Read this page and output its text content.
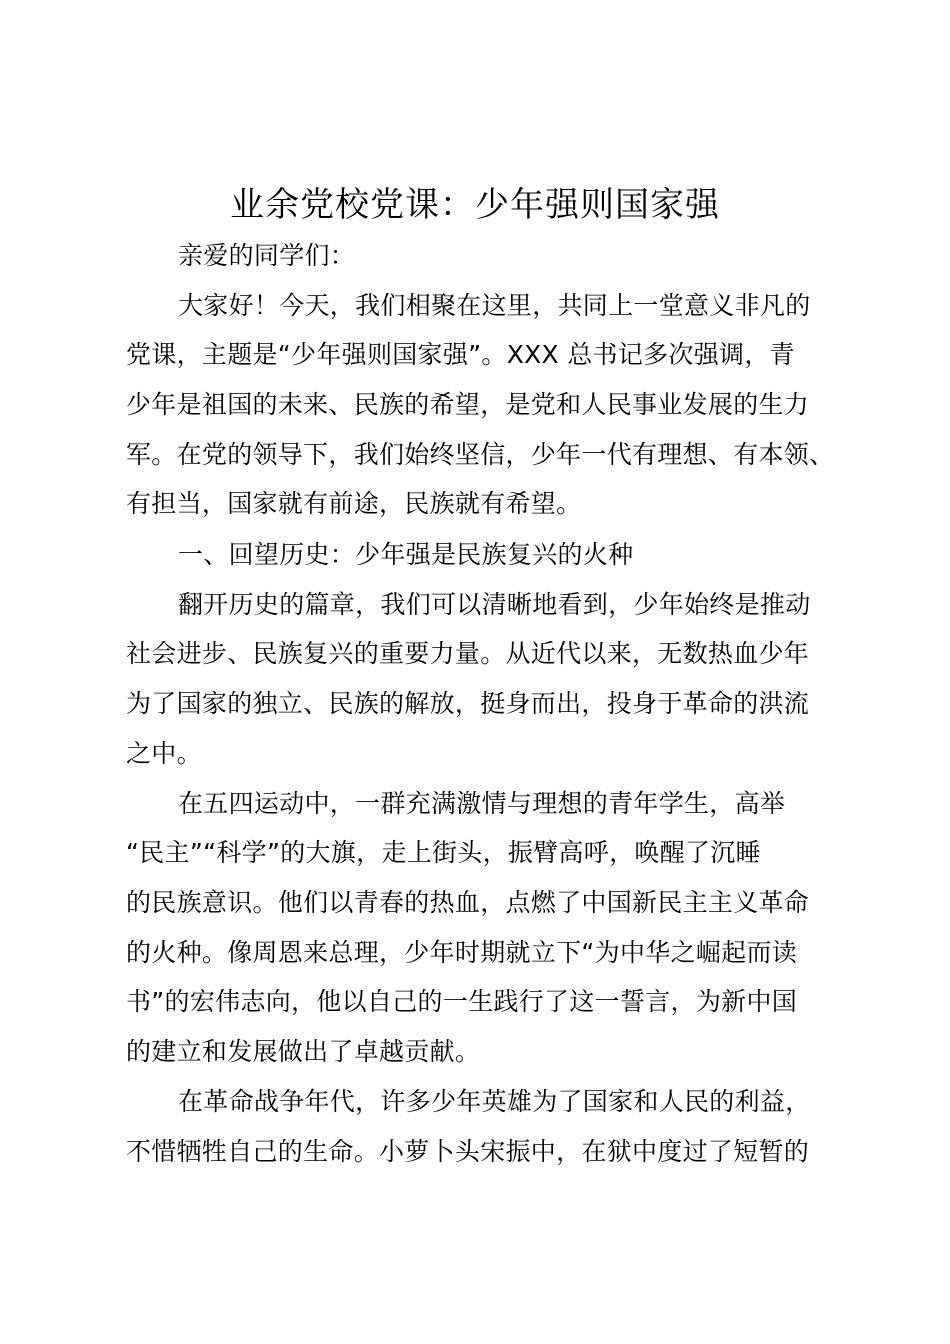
业余党校党课：少年强则国家强
亲爱的同学们：
大家好！今天，我们相聚在这里，共同上一堂意义非凡的
党课，主题是“少年强则国家强”。XXX 总书记多次强调，青
少年是祖国的未来、民族的希望，是党和人民事业发展的生力
军。在党的领导下，我们始终坚信，少年一代有理想、有本领、
有担当，国家就有前途，民族就有希望。
一、回望历史：少年强是民族复兴的火种
翻开历史的篇章，我们可以清晰地看到，少年始终是推动
社会进步、民族复兴的重要力量。从近代以来，无数热血少年
为了国家的独立、民族的解放，挺身而出，投身于革命的洪流
之中。
在五四运动中，一群充满激情与理想的青年学生，高举
“民主”“科学”的大旗，走上街头，振臂高呼，唤醒了沉睡
的民族意识。他们以青春的热血，点燃了中国新民主主义革命
的火种。像周恩来总理，少年时期就立下“为中华之崛起而读
书”的宏伟志向，他以自己的一生践行了这一誓言，为新中国
的建立和发展做出了卓越贡献。
在革命战争年代，许多少年英雄为了国家和人民的利益，
不惜牺牲自己的生命。小萝卜头宋振中，在狱中度过了短暂的
